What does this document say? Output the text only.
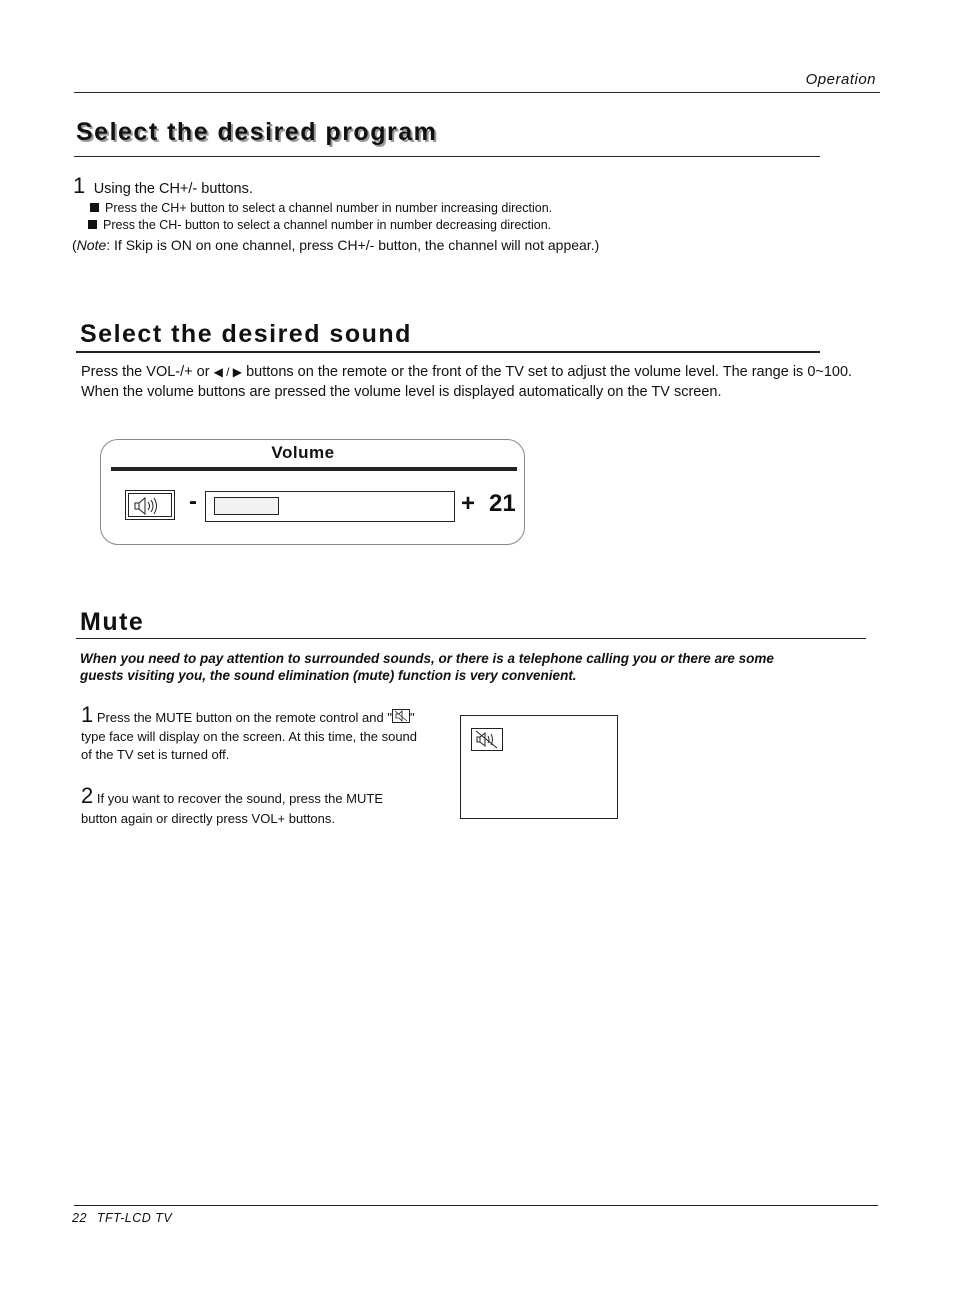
Operation
Select the desired program
1 Using the CH+/- buttons.
Press the CH+ button to select a channel number in number increasing direction.
Press the CH- button to select a channel number in number decreasing direction.
(Note: If Skip is ON on one channel, press CH+/- button, the channel will not appear.)
Select the desired sound
Press the VOL-/+ or ◀ / ▶ buttons on the remote or the front of the TV set to adjust the volume level. The range is 0~100.
When the volume buttons are pressed the volume level is displayed automatically on the TV screen.
Volume
-	+ 21
Mute
When you need to pay attention to surrounded sounds, or there is a telephone calling you or there are some
guests visiting you, the sound elimination (mute) function is very convenient.
1 Press the MUTE button on the remote control and " "
type face will display on the screen. At this time, the sound
of the TV set is turned off.
2 If you want to recover the sound, press the MUTE
button again or directly press VOL+ buttons.
22 TFT-LCD TV
